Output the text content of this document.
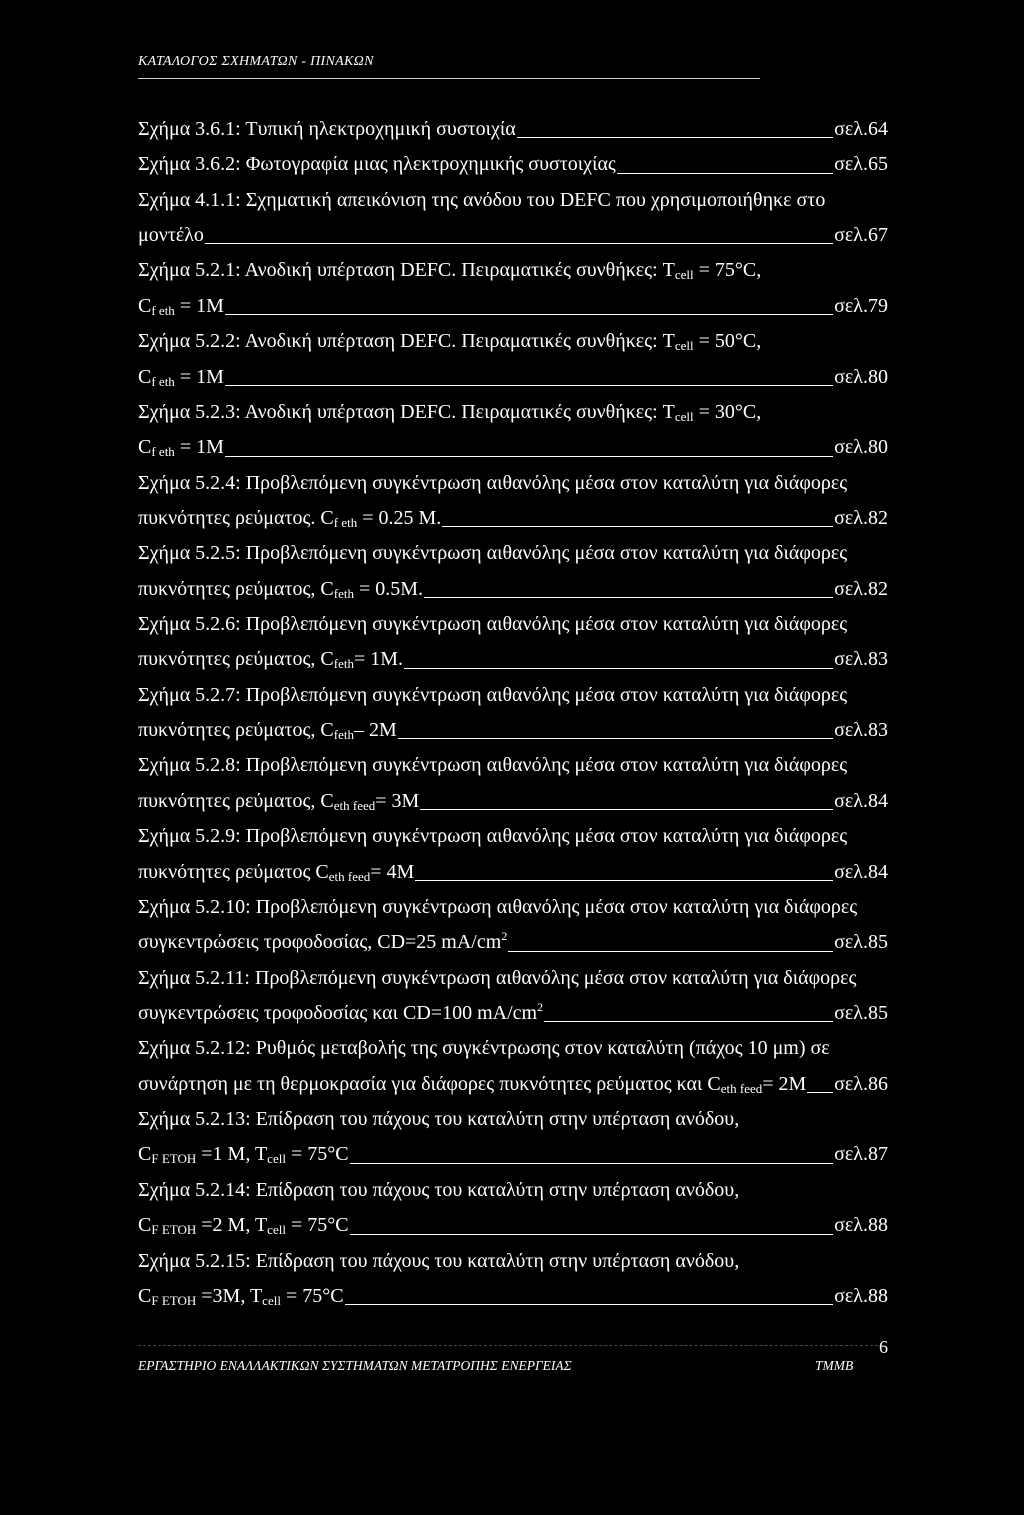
ΚΑΤΑΛΟΓΟΣ ΣΧΗΜΑΤΩΝ - ΠΙΝΑΚΩΝ
Σχήμα 3.6.1: Τυπική ηλεκτροχημική συστοιχία	σελ.64
Σχήμα 3.6.2: Φωτογραφία μιας ηλεκτροχημικής συστοιχίας	σελ.65
Σχήμα 4.1.1: Σχηματική απεικόνιση της ανόδου του DEFC που χρησιμοποιήθηκε στο
μοντέλο	σελ.67
Σχήμα 5.2.1: Ανοδική υπέρταση DEFC. Πειραματικές συνθήκες: $T_{cell} = 75^\circ C$,
$C_{f eth} = 1M$	σελ.79
Σχήμα 5.2.2: Ανοδική υπέρταση DEFC. Πειραματικές συνθήκες: $T_{cell} = 50^\circ C$,
$C_{f eth} = 1M$	σελ.80
Σχήμα 5.2.3: Ανοδική υπέρταση DEFC. Πειραματικές συνθήκες: $T_{cell} = 30^\circ C$,
$C_{f eth} = 1M$	σελ.80
Σχήμα 5.2.4: Προβλεπόμενη συγκέντρωση αιθανόλης μέσα στον καταλύτη για διάφορες
πυκνότητες ρεύματος. $C_{f eth} = 0.25$ M.	σελ.82
Σχήμα 5.2.5: Προβλεπόμενη συγκέντρωση αιθανόλης μέσα στον καταλύτη για διάφορες
πυκνότητες ρεύματος, $C_{feth} = 0.5M$.	σελ.82
Σχήμα 5.2.6: Προβλεπόμενη συγκέντρωση αιθανόλης μέσα στον καταλύτη για διάφορες
πυκνότητες ρεύματος, $C_{feth}= 1M$.	σελ.83
Σχήμα 5.2.7: Προβλεπόμενη συγκέντρωση αιθανόλης μέσα στον καταλύτη για διάφορες
πυκνότητες ρεύματος, $C_{feth}-$ 2M	σελ.83
Σχήμα 5.2.8: Προβλεπόμενη συγκέντρωση αιθανόλης μέσα στον καταλύτη για διάφορες
πυκνότητες ρεύματος, $C_{eth feed}= 3M$	σελ.84
Σχήμα 5.2.9: Προβλεπόμενη συγκέντρωση αιθανόλης μέσα στον καταλύτη για διάφορες
πυκνότητες ρεύματος $C_{eth feed}= 4M$	σελ.84
Σχήμα 5.2.10: Προβλεπόμενη συγκέντρωση αιθανόλης μέσα στον καταλύτη για διάφορες
συγκεντρώσεις τροφοδοσίας, CD=25 $mA/cm^2$	σελ.85
Σχήμα 5.2.11: Προβλεπόμενη συγκέντρωση αιθανόλης μέσα στον καταλύτη για διάφορες
συγκεντρώσεις τροφοδοσίας και CD=100 $mA/cm^2$	σελ.85
Σχήμα 5.2.12: Ρυθμός μεταβολής της συγκέντρωσης στον καταλύτη (πάχος 10 μm) σε
συνάρτηση με τη θερμοκρασία για διάφορες πυκνότητες ρεύματος και $C_{eth feed}= 2M$ σελ.86
Σχήμα 5.2.13: Επίδραση του πάχους του καταλύτη στην υπέρταση ανόδου,
$C_{F ETOH} =1$ M, $T_{cell} = 75^\circ C$	σελ.87
Σχήμα 5.2.14: Επίδραση του πάχους του καταλύτη στην υπέρταση ανόδου,
$C_{F ETOH} =2$ M, $T_{cell} = 75^\circ C$	σελ.88
Σχήμα 5.2.15: Επίδραση του πάχους του καταλύτη στην υπέρταση ανόδου,
$C_{F ETOH} =3M$, $T_{cell} = 75^\circ C$	σελ.88
6
ΕΡΓΑΣΤΗΡΙΟ ΕΝΑΛΛΑΚΤΙΚΩΝ ΣΥΣΤΗΜΑΤΩΝ ΜΕΤΑΤΡΟΠΗΣ ΕΝΕΡΓΕΙΑΣ	TMMB
